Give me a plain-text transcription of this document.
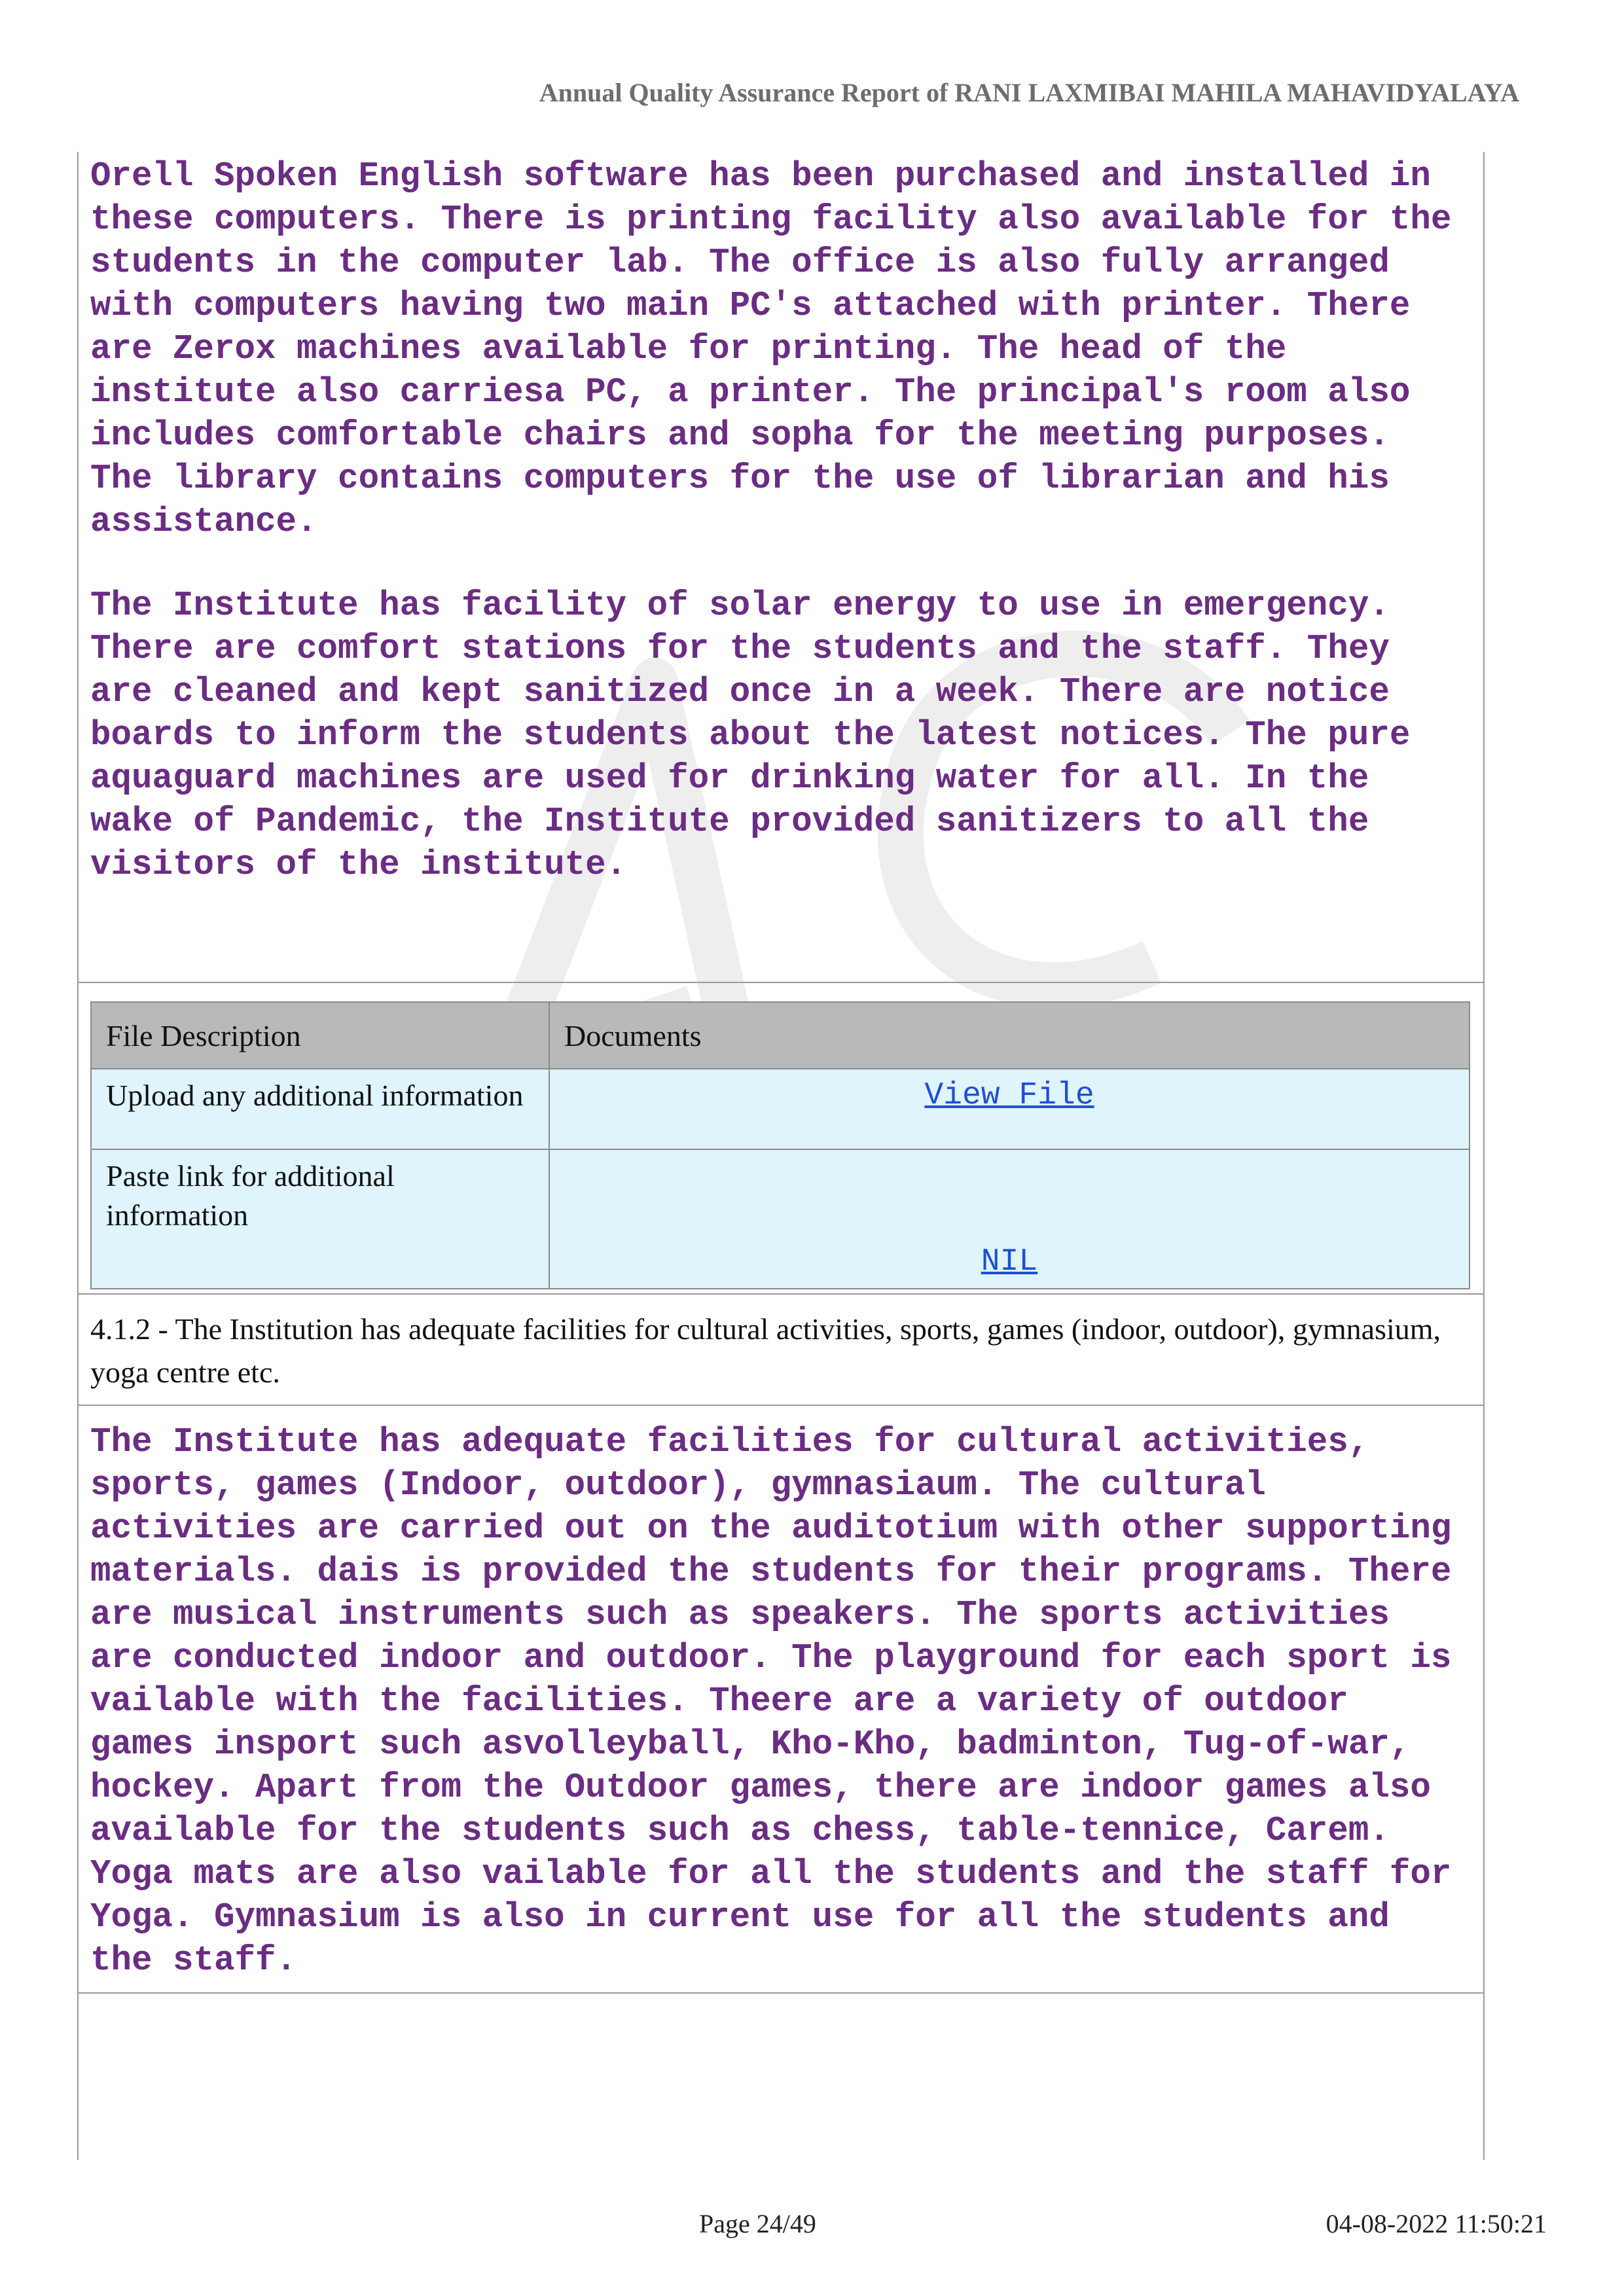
Annual Quality Assurance Report of RANI LAXMIBAI MAHILA MAHAVIDYALAYA

Orell Spoken English software has been purchased and installed in
these computers. There is printing facility also available for the
students in the computer lab. The office is also fully arranged
with computers having two main PC's attached with printer. There
are Zerox machines available for printing. The head of the
institute also carriesa PC, a printer. The principal's room also
includes comfortable chairs and sopha for the meeting purposes.
The library contains computers for the use of librarian and his
assistance.

The Institute has facility of solar energy to use in emergency.
There are comfort stations for the students and the staff. They
are cleaned and kept sanitized once in a week. There are notice
boards to inform the students about the latest notices. The pure
aquaguard machines are used for drinking water for all. In the
wake of Pandemic, the Institute provided sanitizers to all the
visitors of the institute.

File Description	Documents
Upload any additional information	View File
Paste link for additional information	NIL
4.1.2 - The Institution has adequate facilities for cultural activities, sports, games (indoor, outdoor), gymnasium, yoga centre etc.

The Institute has adequate facilities for cultural activities,
sports, games (Indoor, outdoor), gymnasiaum. The cultural
activities are carried out on the auditotium with other supporting
materials. dais is provided the students for their programs. There
are musical instruments such as speakers. The sports activities
are conducted indoor and outdoor. The playground for each sport is
vailable with the facilities. Theere are a variety of outdoor
games insport such asvolleyball, Kho-Kho, badminton, Tug-of-war,
hockey. Apart from the Outdoor games, there are indoor games also
available for the students such as chess, table-tennice, Carem.
Yoga mats are also vailable for all the students and the staff for
Yoga. Gymnasium is also in current use for all the students and
the staff.

Page 24/49	04-08-2022 11:50:21
